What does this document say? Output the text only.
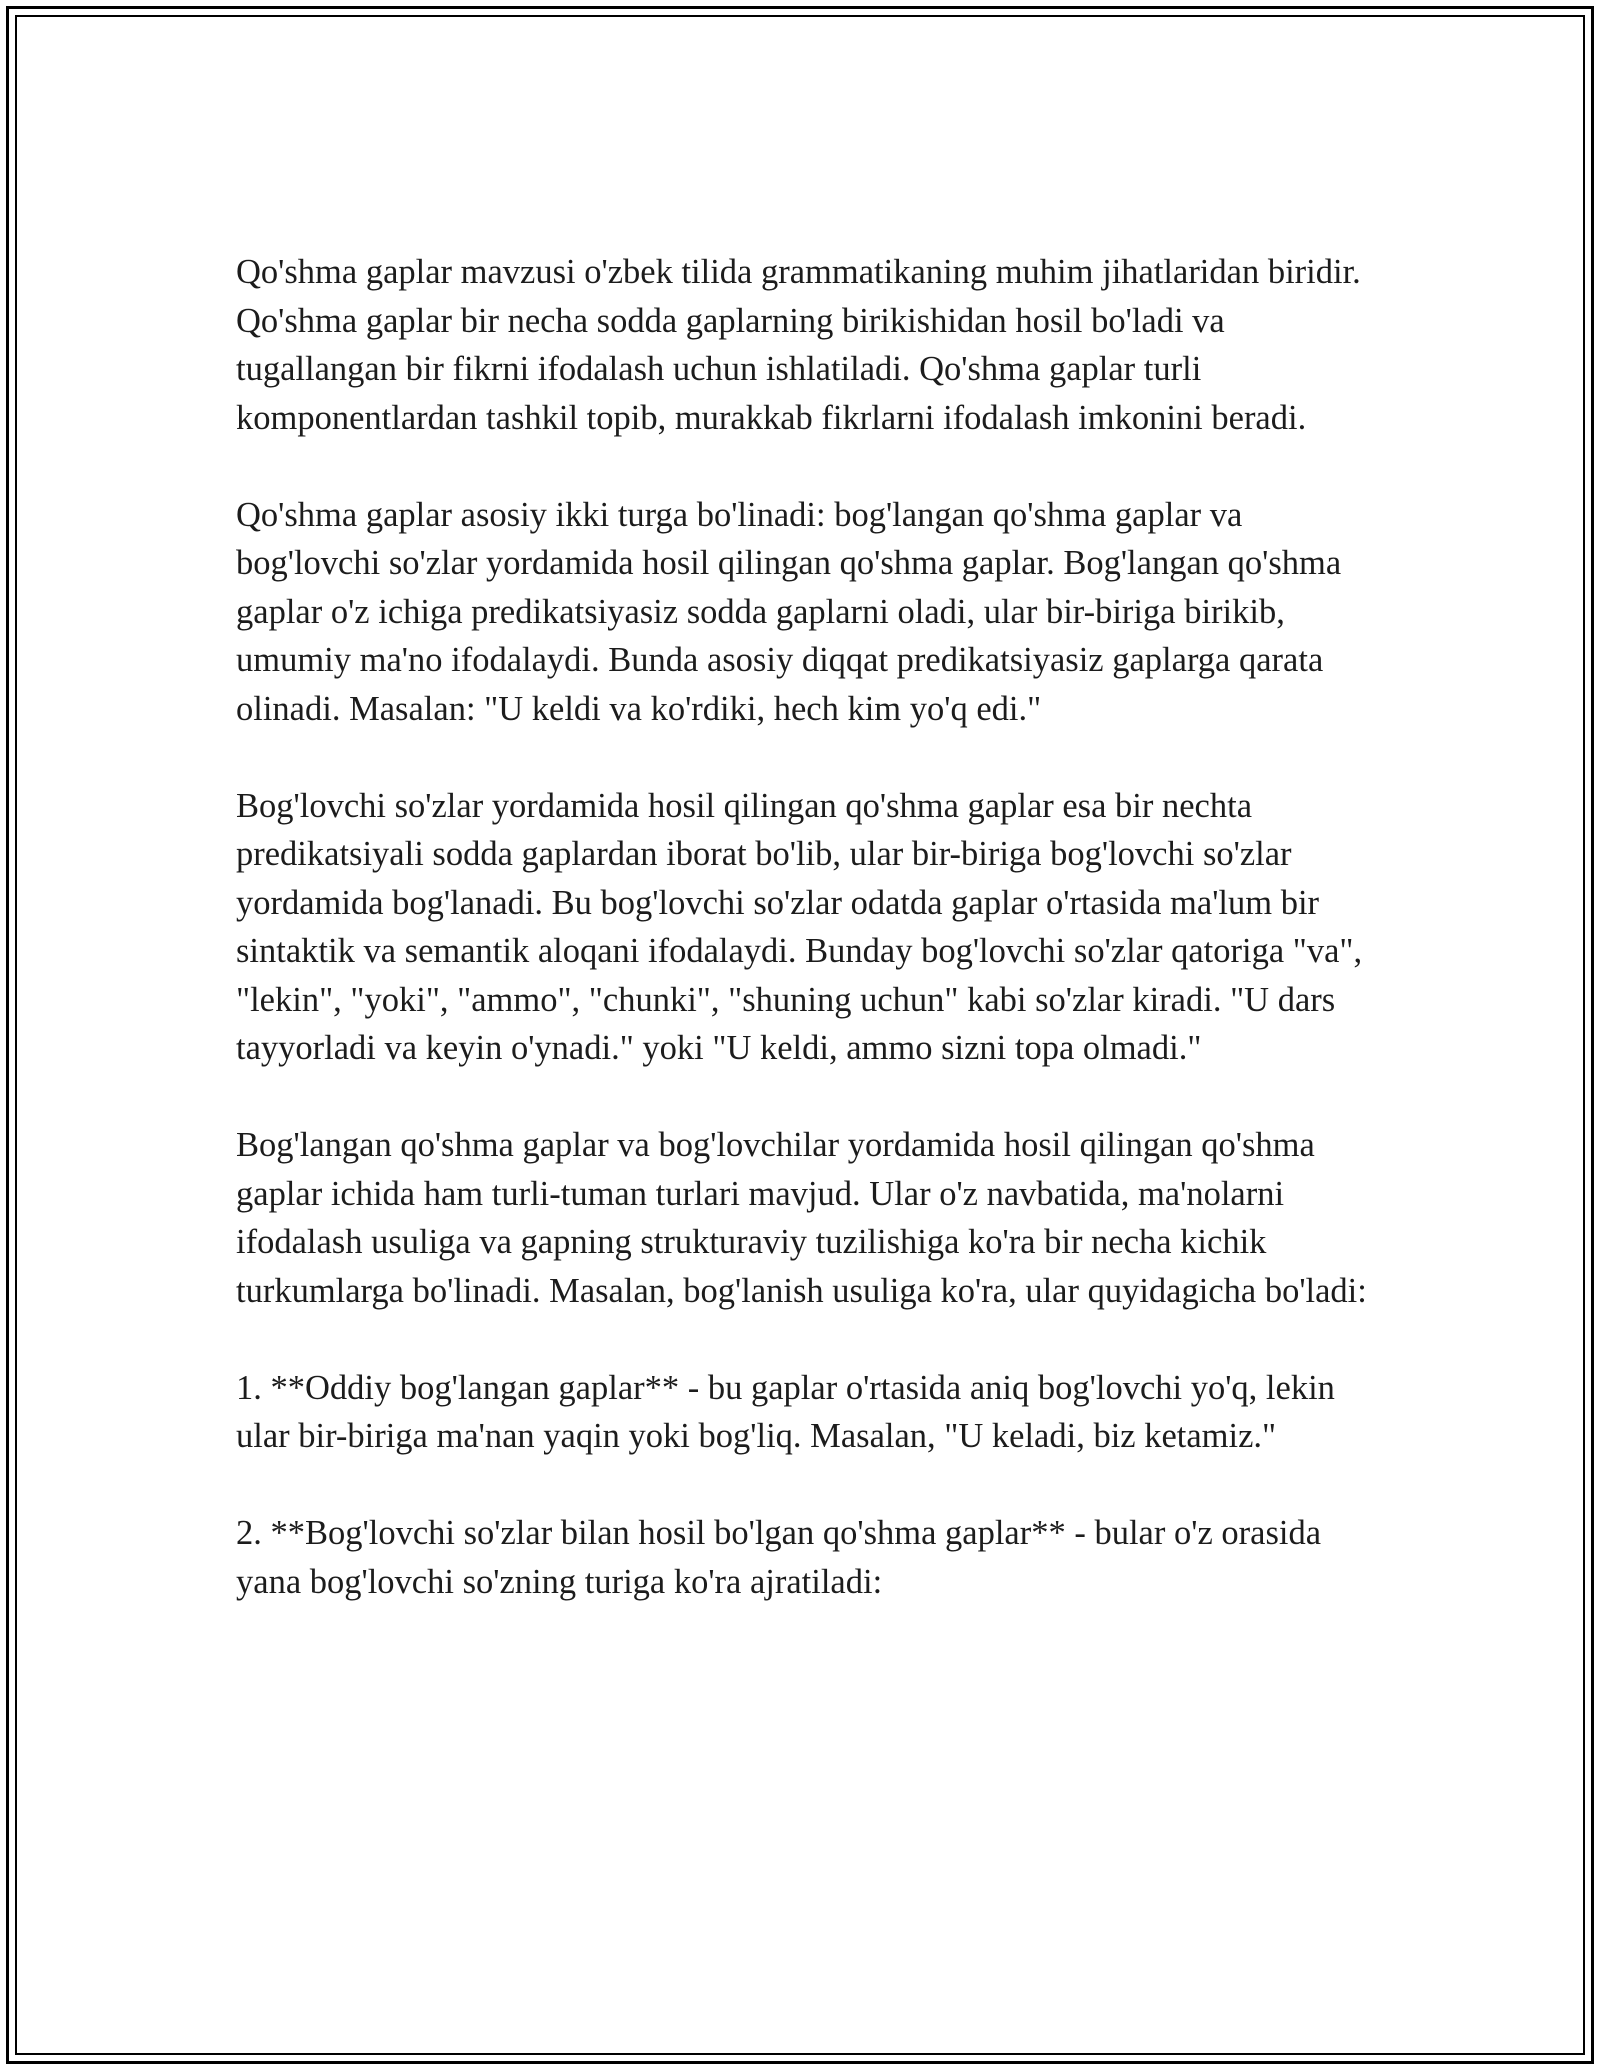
Qo'shma gaplar mavzusi o'zbek tilida grammatikaning muhim jihatlaridan biridir. Qo'shma gaplar bir necha sodda gaplarning birikishidan hosil bo'ladi va tugallangan bir fikrni ifodalash uchun ishlatiladi. Qo'shma gaplar turli komponentlardan tashkil topib, murakkab fikrlarni ifodalash imkonini beradi.

Qo'shma gaplar asosiy ikki turga bo'linadi: bog'langan qo'shma gaplar va bog'lovchi so'zlar yordamida hosil qilingan qo'shma gaplar. Bog'langan qo'shma gaplar o'z ichiga predikatsiyasiz sodda gaplarni oladi, ular bir-biriga birikib, umumiy ma'no ifodalaydi. Bunda asosiy diqqat predikatsiyasiz gaplarga qarata olinadi. Masalan: "U keldi va ko'rdiki, hech kim yo'q edi."

Bog'lovchi so'zlar yordamida hosil qilingan qo'shma gaplar esa bir nechta predikatsiyali sodda gaplardan iborat bo'lib, ular bir-biriga bog'lovchi so'zlar yordamida bog'lanadi. Bu bog'lovchi so'zlar odatda gaplar o'rtasida ma'lum bir sintaktik va semantik aloqani ifodalaydi. Bunday bog'lovchi so'zlar qatoriga "va", "lekin", "yoki", "ammo", "chunki", "shuning uchun" kabi so'zlar kiradi. "U dars tayyorladi va keyin o'ynadi." yoki "U keldi, ammo sizni topa olmadi."

Bog'langan qo'shma gaplar va bog'lovchilar yordamida hosil qilingan qo'shma gaplar ichida ham turli-tuman turlari mavjud. Ular o'z navbatida, ma'nolarni ifodalash usuliga va gapning strukturaviy tuzilishiga ko'ra bir necha kichik turkumlarga bo'linadi. Masalan, bog'lanish usuliga ko'ra, ular quyidagicha bo'ladi:

1. **Oddiy bog'langan gaplar** - bu gaplar o'rtasida aniq bog'lovchi yo'q, lekin ular bir-biriga ma'nan yaqin yoki bog'liq. Masalan, "U keladi, biz ketamiz."

2. **Bog'lovchi so'zlar bilan hosil bo'lgan qo'shma gaplar** - bular o'z orasida yana bog'lovchi so'zning turiga ko'ra ajratiladi:
